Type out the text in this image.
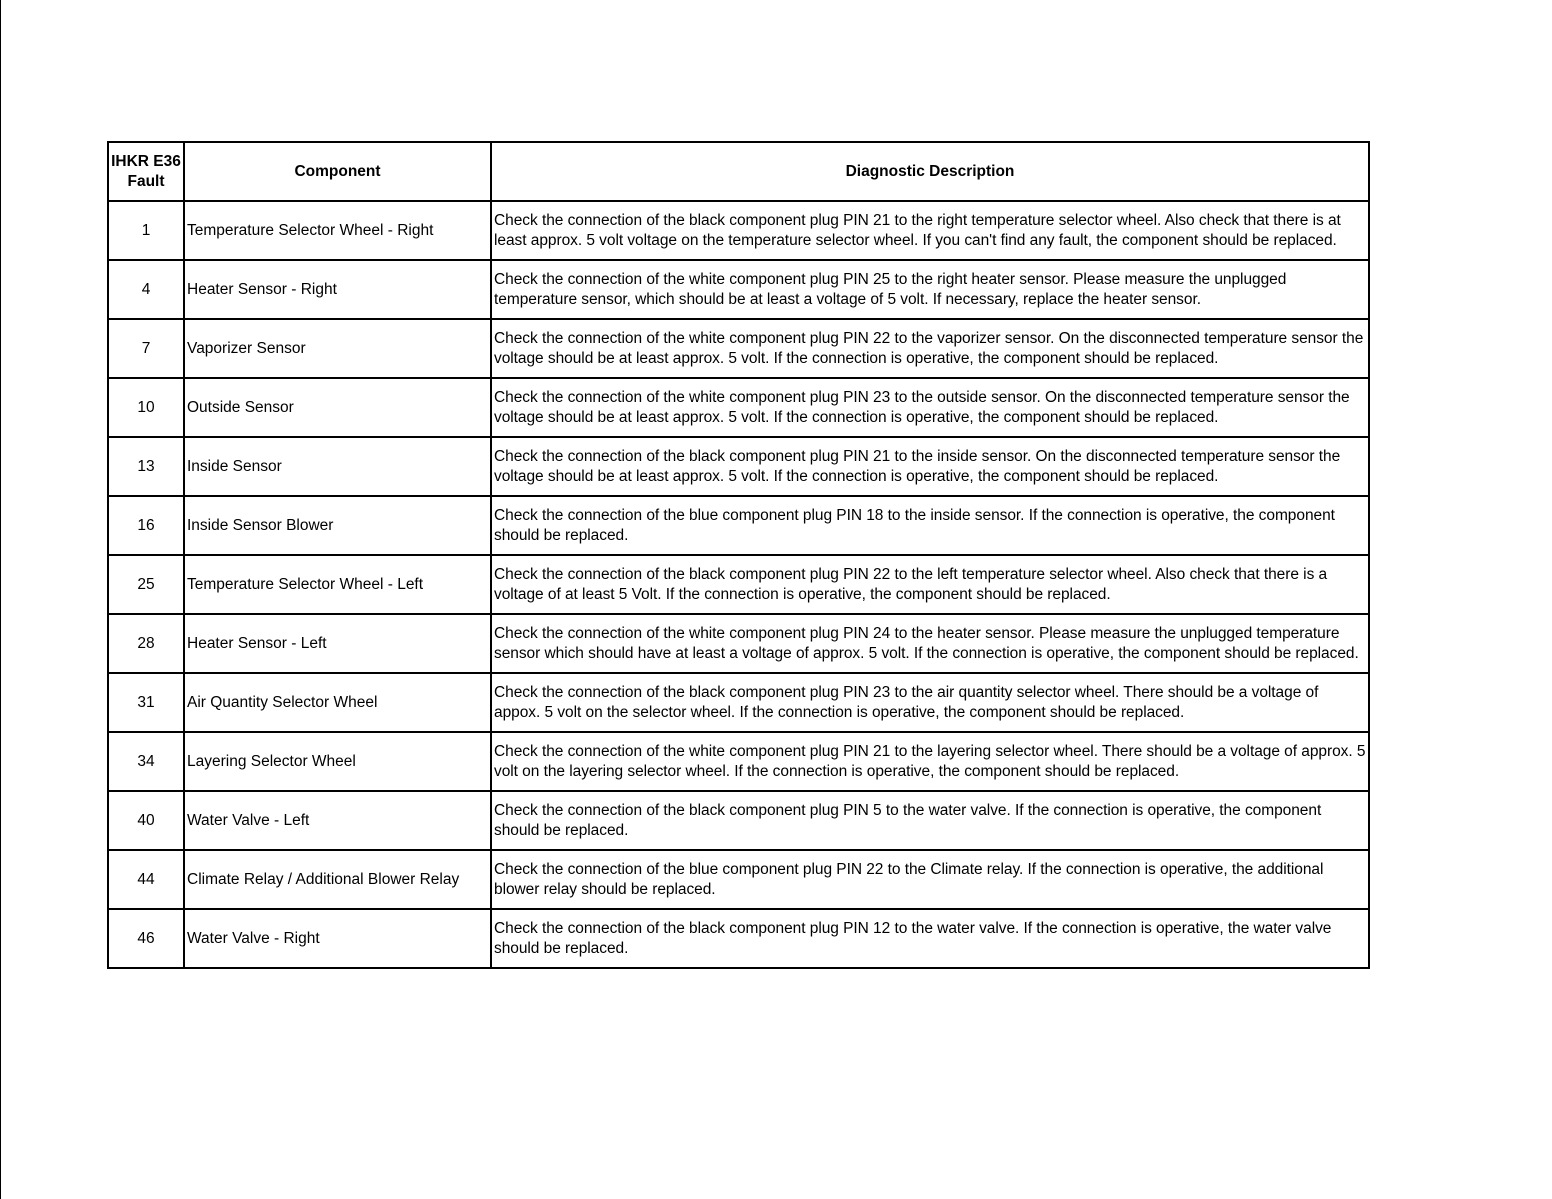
IHKR E36 Fault	Component	Diagnostic Description
1	Temperature Selector Wheel - Right	Check the connection of the black component plug PIN 21 to the right temperature selector wheel. Also check that there is at least approx. 5 volt voltage on the temperature selector wheel. If you can't find any fault, the component should be replaced.
4	Heater Sensor - Right	Check the connection of the white component plug PIN 25 to the right heater sensor. Please measure the unplugged temperature sensor, which should be at least a voltage of 5 volt. If necessary, replace the heater sensor.
7	Vaporizer Sensor	Check the connection of the white component plug PIN 22 to the vaporizer sensor. On the disconnected temperature sensor the voltage should be at least approx. 5 volt. If the connection is operative, the component should be replaced.
10	Outside Sensor	Check the connection of the white component plug PIN 23 to the outside sensor. On the disconnected temperature sensor the voltage should be at least approx. 5 volt. If the connection is operative, the component should be replaced.
13	Inside Sensor	Check the connection of the black component plug PIN 21 to the inside sensor. On the disconnected temperature sensor the voltage should be at least approx. 5 volt. If the connection is operative, the component should be replaced.
16	Inside Sensor Blower	Check the connection of the blue component plug PIN 18 to the inside sensor. If the connection is operative, the component should be replaced.
25	Temperature Selector Wheel - Left	Check the connection of the black component plug PIN 22 to the left temperature selector wheel. Also check that there is a voltage of at least 5 Volt. If the connection is operative, the component should be replaced.
28	Heater Sensor - Left	Check the connection of the white component plug PIN 24 to the heater sensor. Please measure the unplugged temperature sensor which should have at least a voltage of approx. 5 volt. If the connection is operative, the component should be replaced.
31	Air Quantity Selector Wheel	Check the connection of the black component plug PIN 23 to the air quantity selector wheel. There should be a voltage of appox. 5 volt on the selector wheel. If the connection is operative, the component should be replaced.
34	Layering Selector Wheel	Check the connection of the white component plug PIN 21 to the layering selector wheel. There should be a voltage of approx. 5 volt on the layering selector wheel. If the connection is operative, the component should be replaced.
40	Water Valve - Left	Check the connection of the black component plug PIN 5 to the water valve. If the connection is operative, the component should be replaced.
44	Climate Relay / Additional Blower Relay	Check the connection of the blue component plug PIN 22 to the Climate relay. If the connection is operative, the additional blower relay should be replaced.
46	Water Valve - Right	Check the connection of the black component plug PIN 12 to the water valve. If the connection is operative, the water valve should be replaced.
